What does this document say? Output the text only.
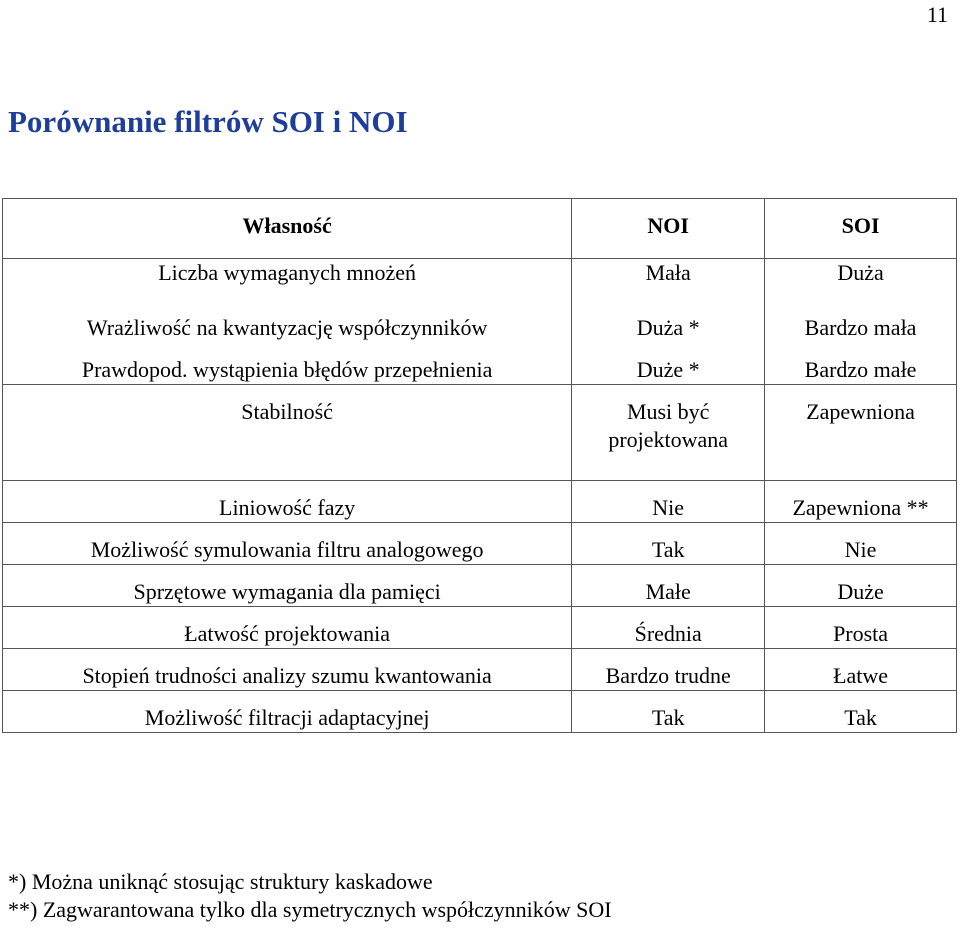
11
Porównanie filtrów SOI i NOI
Własność	NOI	SOI
Liczba wymaganych mnożeń	Mała	Duża
Wrażliwość na kwantyzację współczynników	Duża *	Bardzo mała
Prawdopod. wystąpienia błędów przepełnienia	Duże *	Bardzo małe
Stabilność	Musi być projektowana	Zapewniona
Liniowość fazy	Nie	Zapewniona **
Możliwość symulowania filtru analogowego	Tak	Nie
Sprzętowe wymagania dla pamięci	Małe	Duże
Łatwość projektowania	Średnia	Prosta
Stopień trudności analizy szumu kwantowania	Bardzo trudne	Łatwe
Możliwość filtracji adaptacyjnej	Tak	Tak
*) Można uniknąć stosując struktury kaskadowe
**) Zagwarantowana tylko dla symetrycznych współczynników SOI
